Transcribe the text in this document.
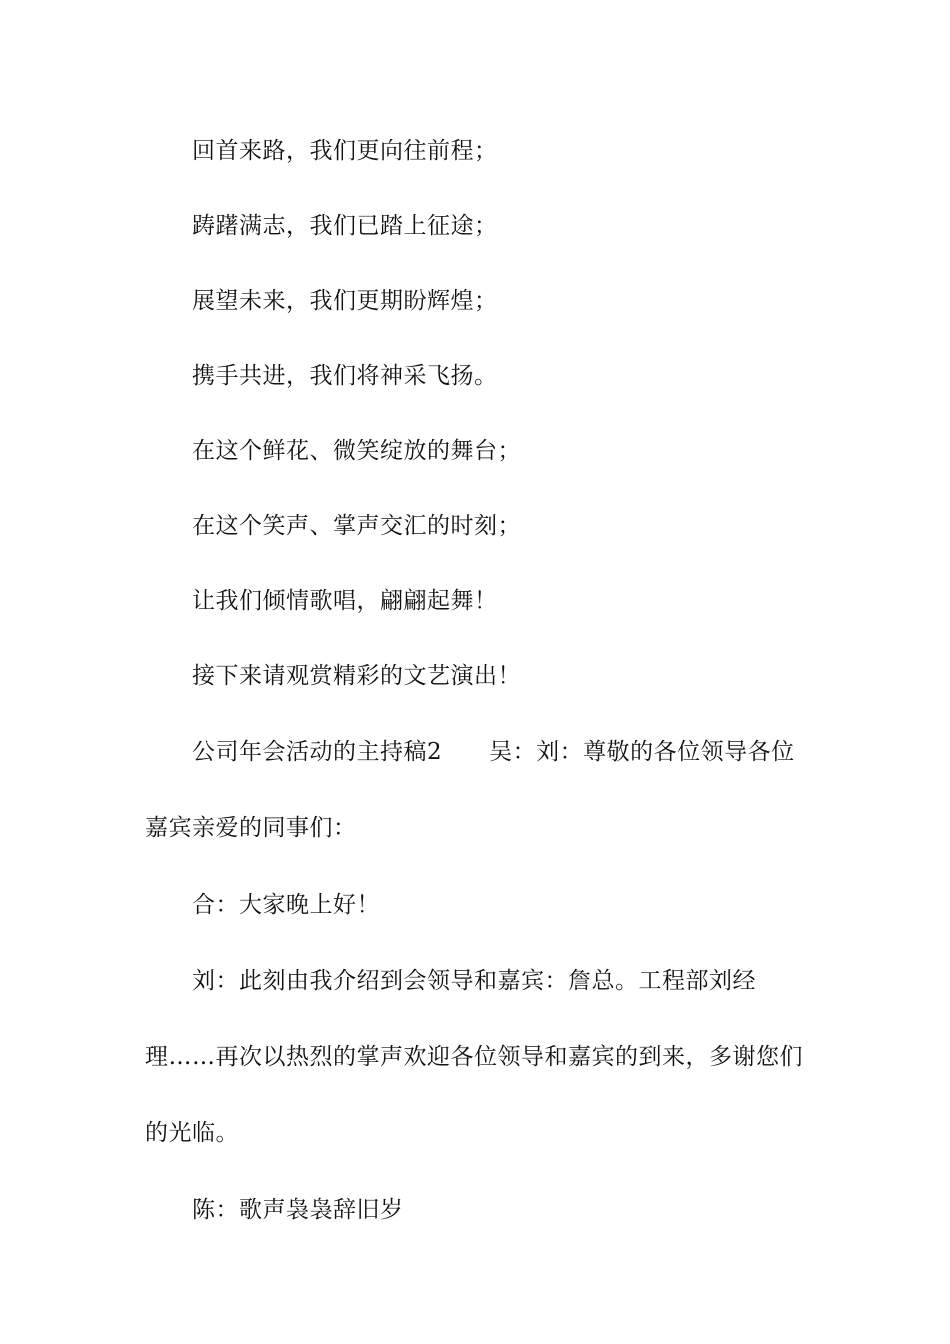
回首来路，我们更向往前程；

踌躇满志，我们已踏上征途；

展望未来，我们更期盼辉煌；

携手共进，我们将神采飞扬。

在这个鲜花、微笑绽放的舞台；

在这个笑声、掌声交汇的时刻；

让我们倾情歌唱，翩翩起舞！

接下来请观赏精彩的文艺演出！

公司年会活动的主持稿2　　吴：刘：尊敬的各位领导各位嘉宾亲爱的同事们：

合：大家晚上好！

刘：此刻由我介绍到会领导和嘉宾：詹总。工程部刘经理……再次以热烈的掌声欢迎各位领导和嘉宾的到来，多谢您们的光临。

陈：歌声袅袅辞旧岁
